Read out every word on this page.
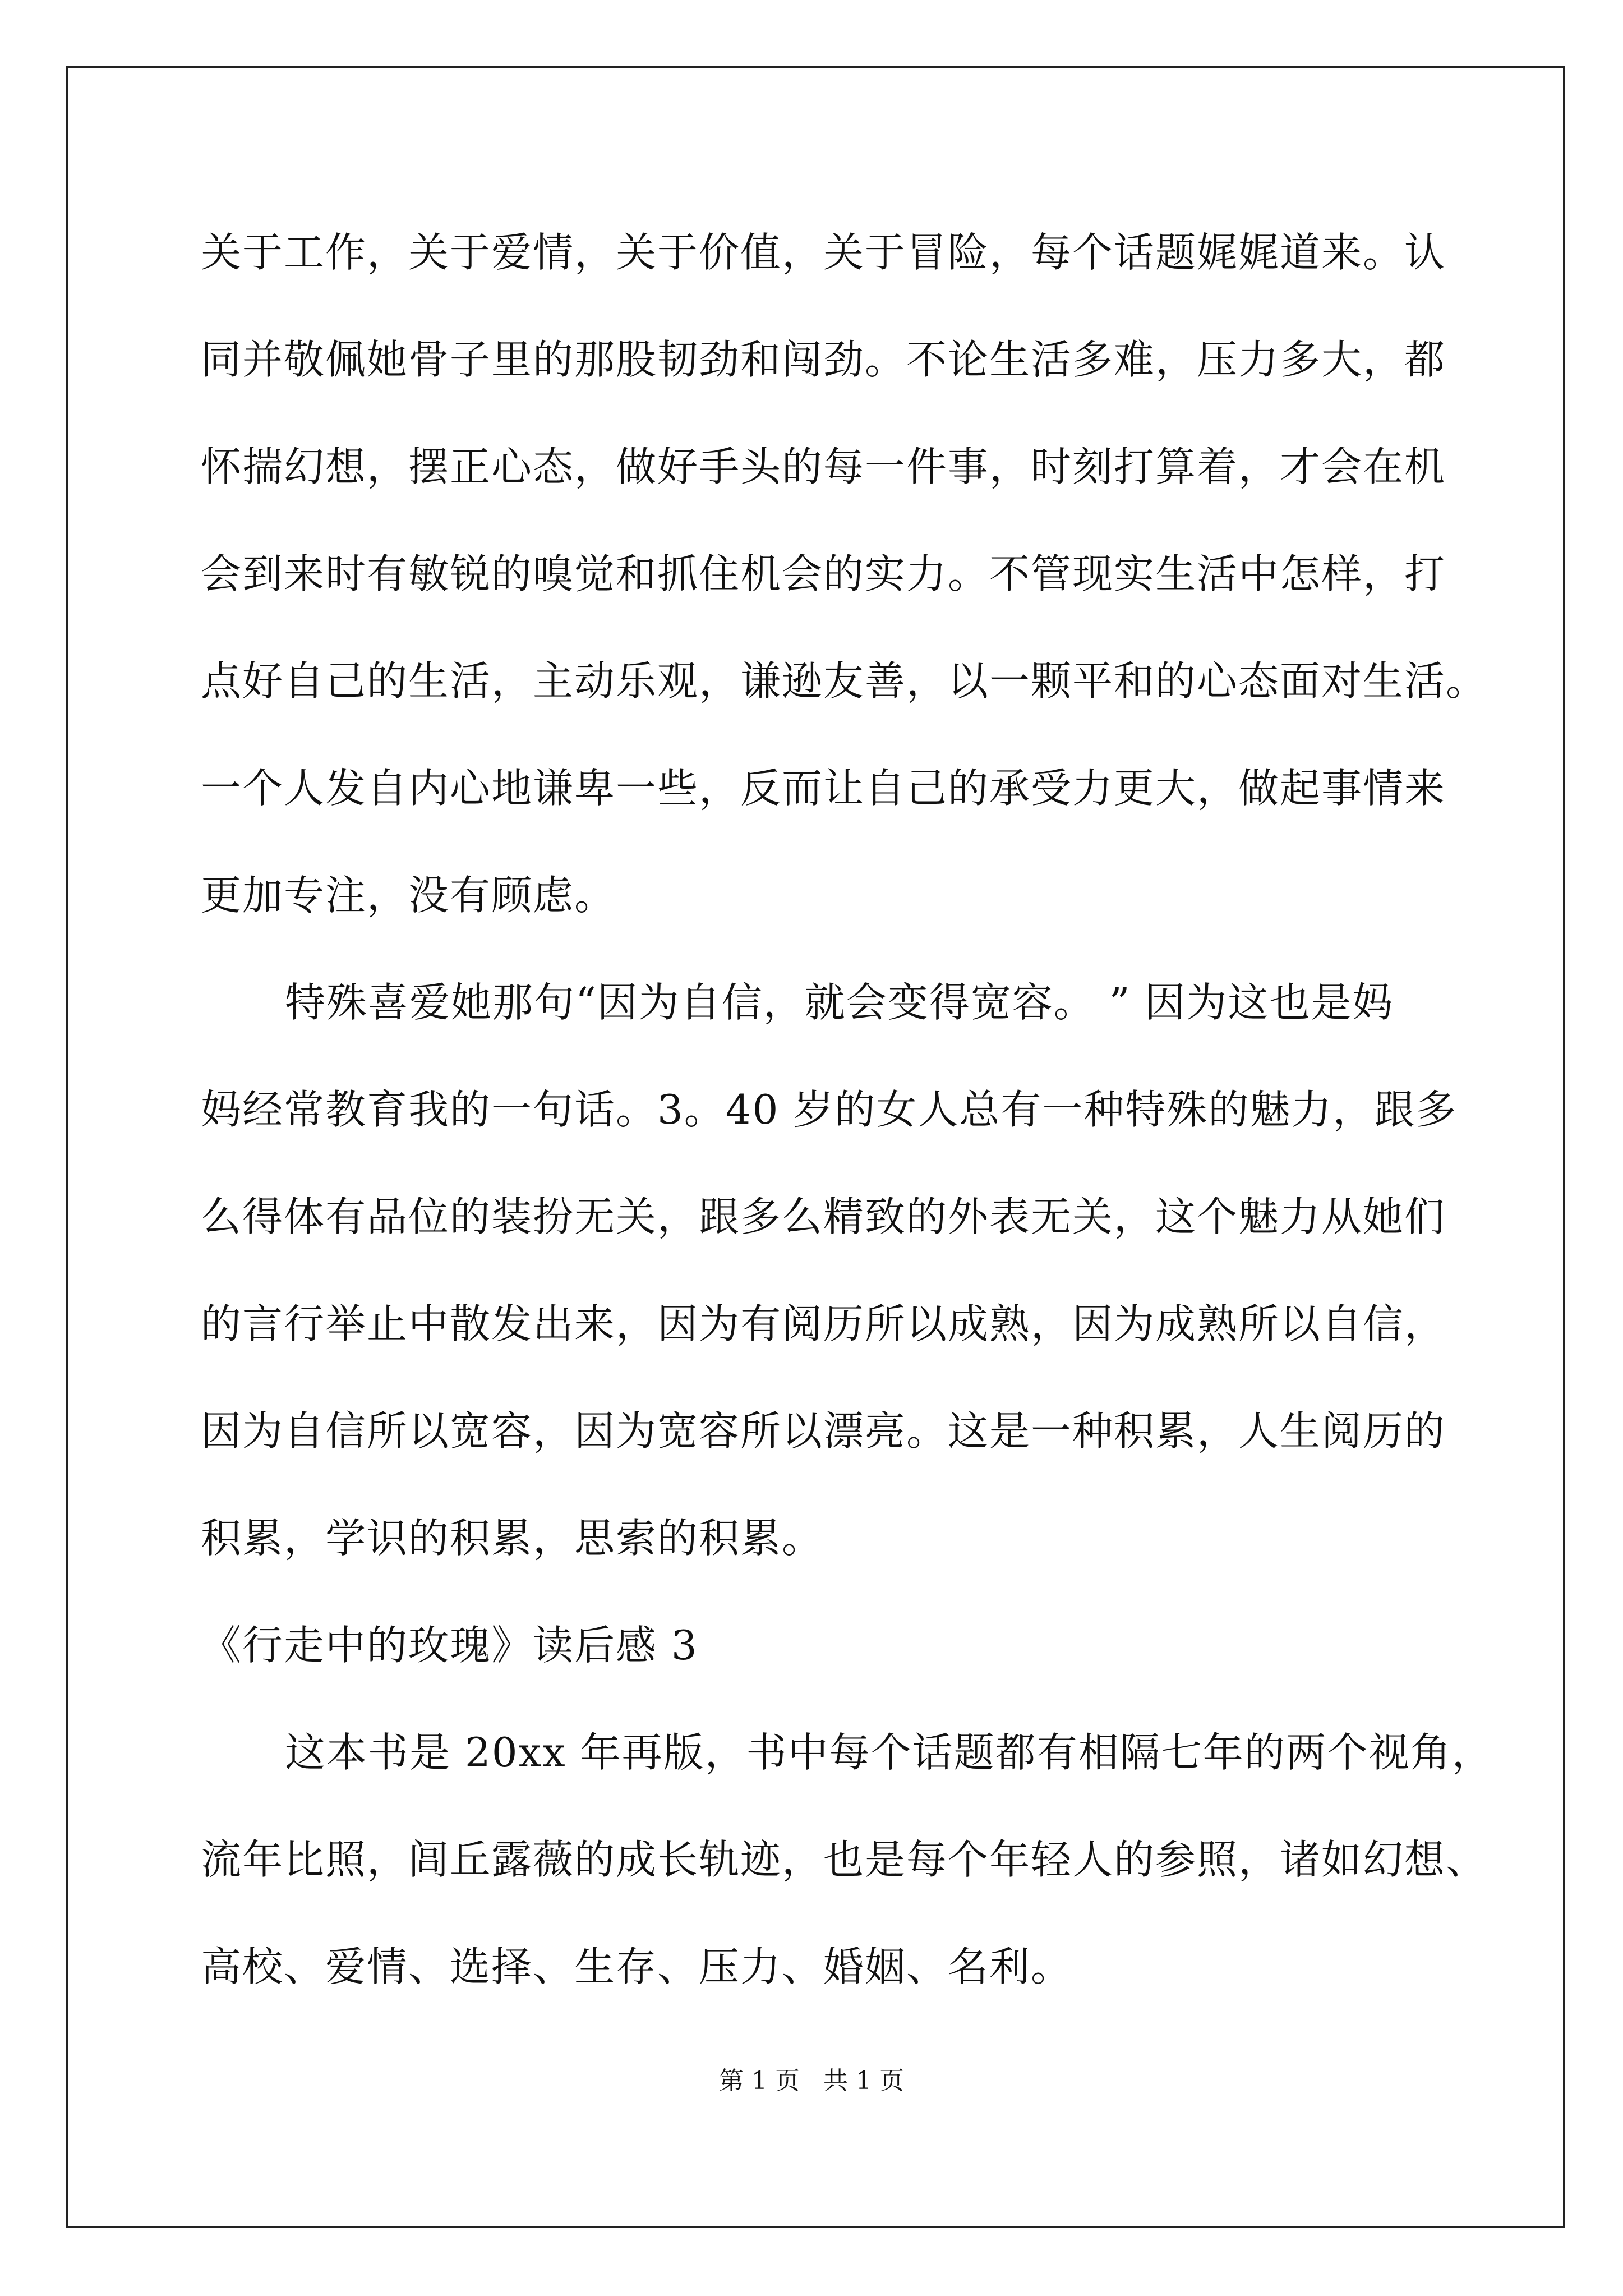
关于工作，关于爱情，关于价值，关于冒险，每个话题娓娓道来。认
同并敬佩她骨子里的那股韧劲和闯劲。不论生活多难，压力多大，都
怀揣幻想，摆正心态，做好手头的每一件事，时刻打算着，才会在机
会到来时有敏锐的嗅觉和抓住机会的实力。不管现实生活中怎样，打
点好自己的生活，主动乐观，谦逊友善，以一颗平和的心态面对生活。
一个人发自内心地谦卑一些，反而让自己的承受力更大，做起事情来
更加专注，没有顾虑。
特殊喜爱她那句“因为自信，就会变得宽容。 ” 因为这也是妈
妈经常教育我的一句话。3。40 岁的女人总有一种特殊的魅力，跟多
么得体有品位的装扮无关，跟多么精致的外表无关，这个魅力从她们
的言行举止中散发出来，因为有阅历所以成熟，因为成熟所以自信，
因为自信所以宽容，因为宽容所以漂亮。这是一种积累，人生阅历的
积累，学识的积累，思索的积累。
《行走中的玫瑰》读后感 3
这本书是 20xx 年再版，书中每个话题都有相隔七年的两个视角，
流年比照，闾丘露薇的成长轨迹，也是每个年轻人的参照，诸如幻想、
高校、爱情、选择、生存、压力、婚姻、名利。
第 1 页   共 1 页
